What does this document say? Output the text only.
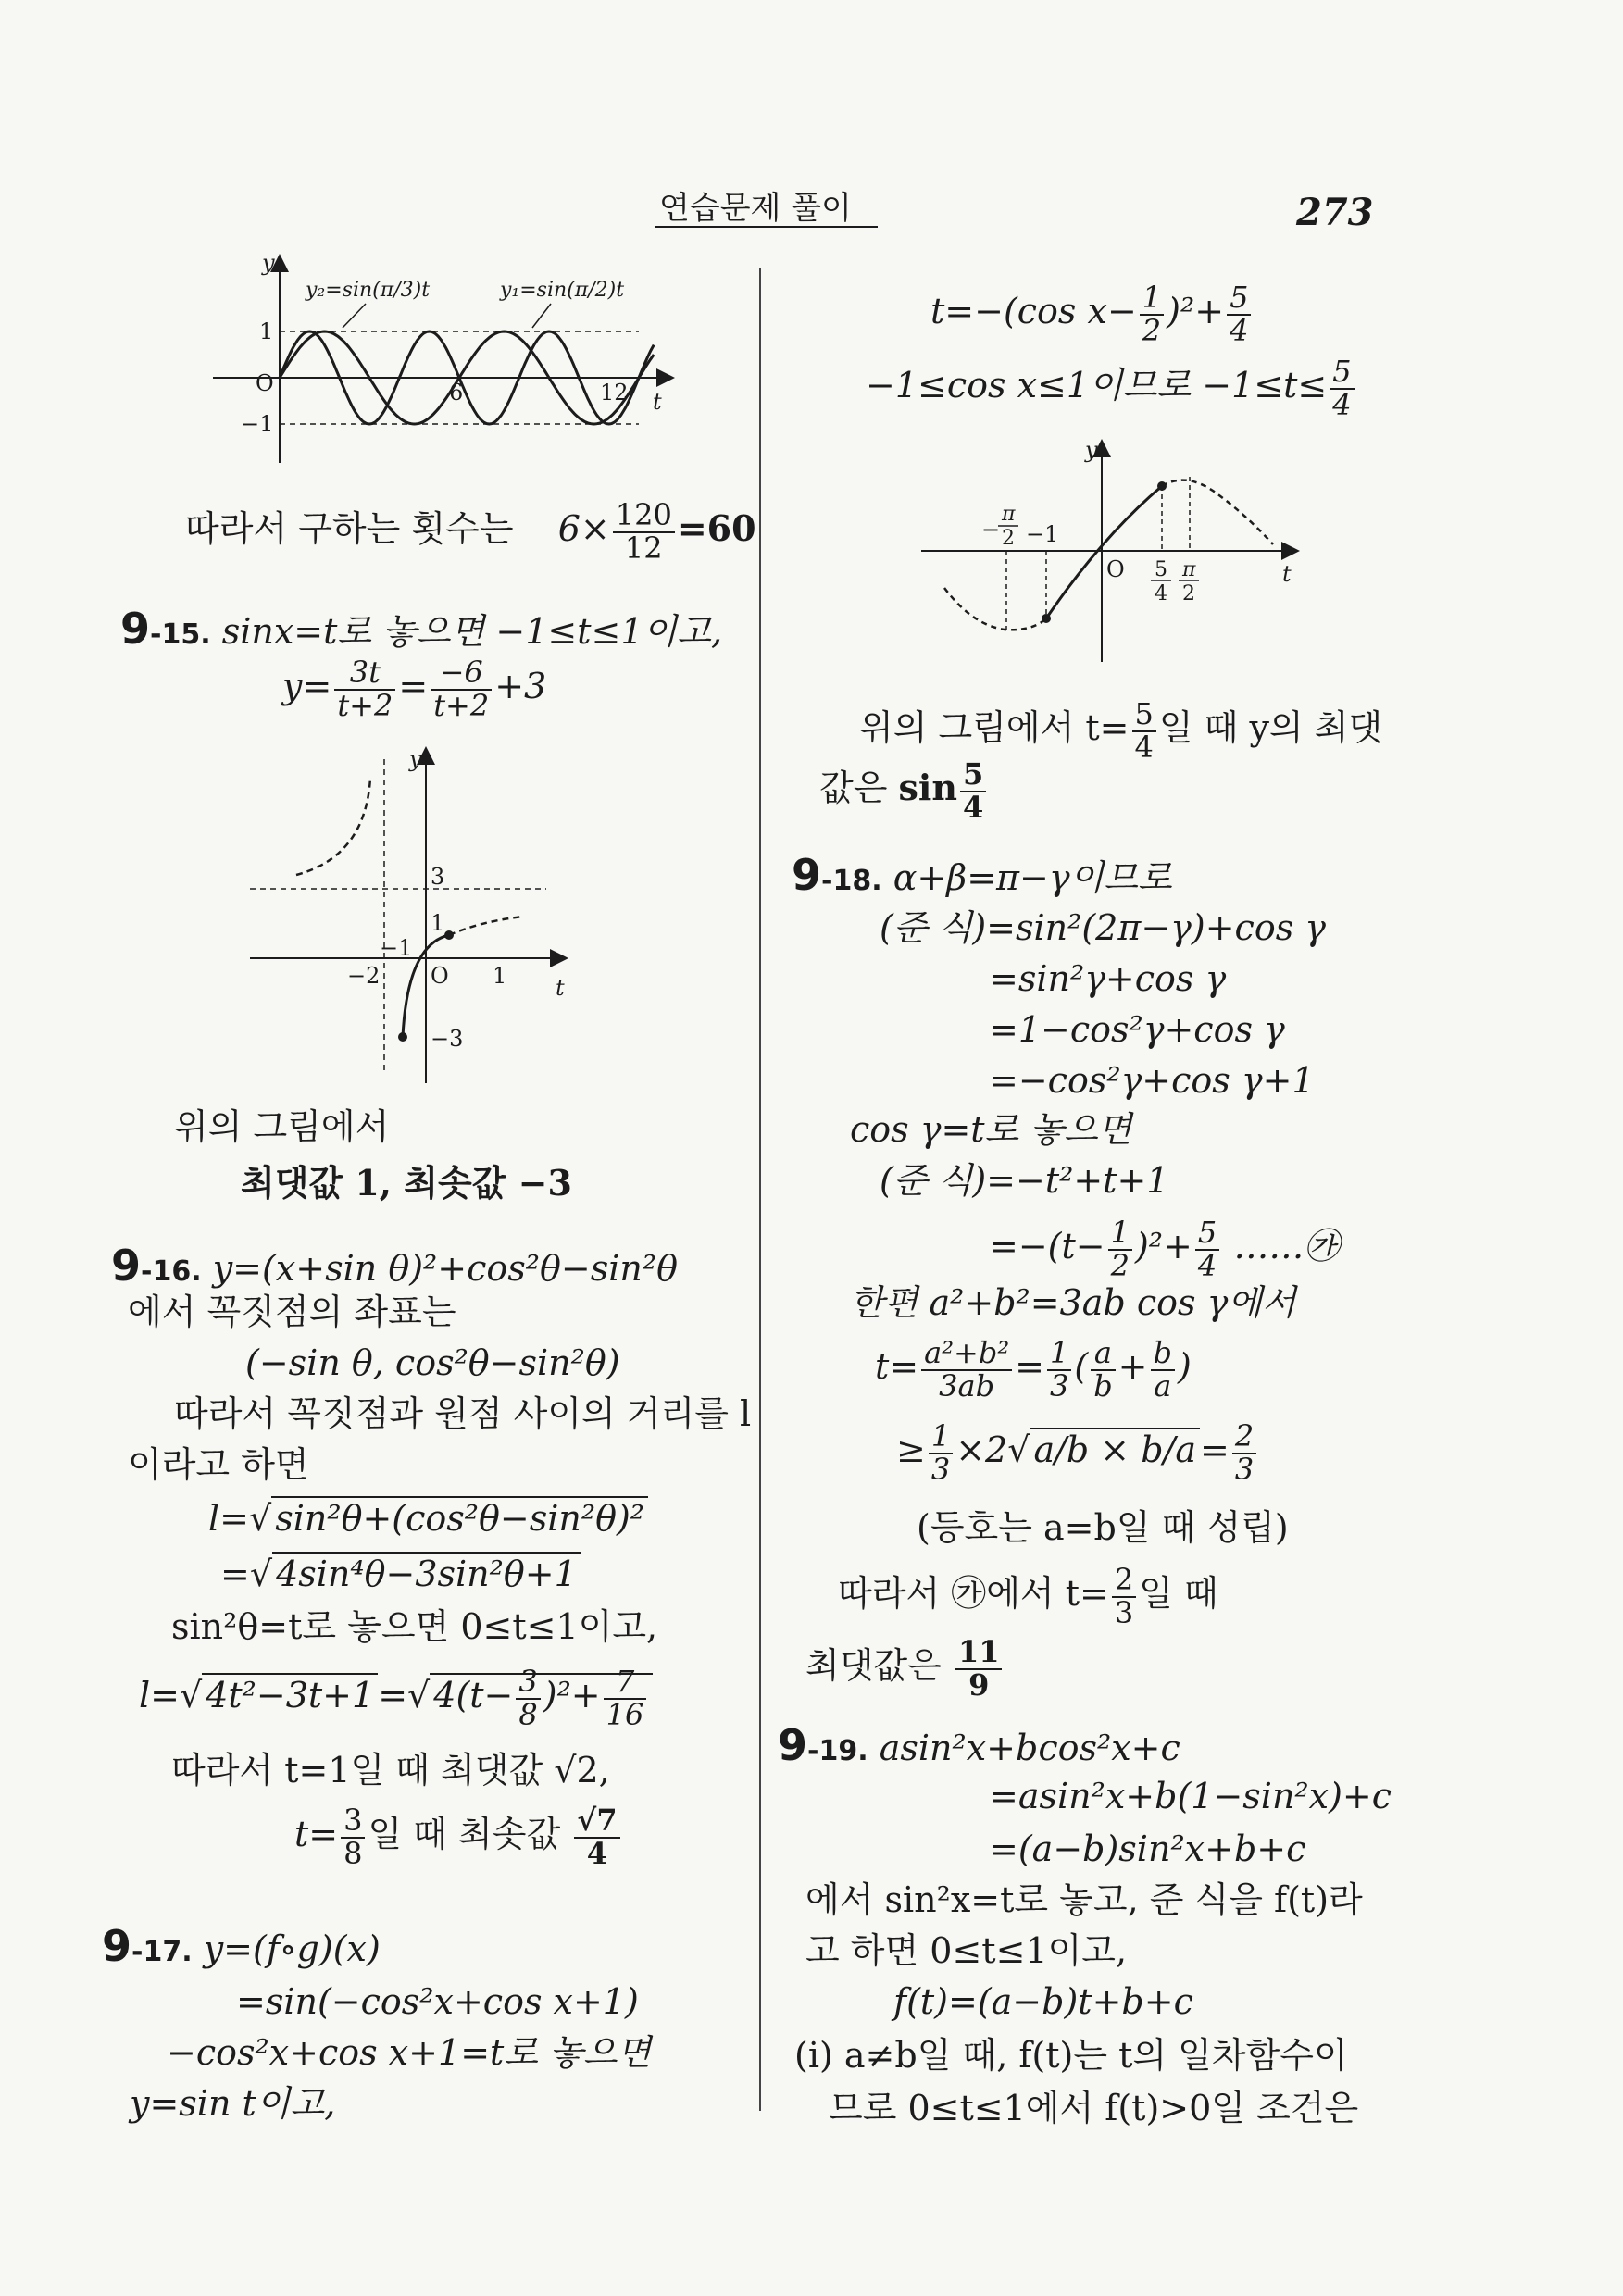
연습문제 풀이	273
y
t
O
1
−1
6	12
y₂=sin(π/3)t	y₁=sin(π/2)t
따라서 구하는 횟수는 $6\times \frac{120}{12} =60$
9-15. sinx=t로 놓으면 −1≤t≤1이고,
$y= \frac{3t}{t+2} = \frac{-6}{t+2} +3$
y
t
O
3
1
−1
−2	1
−3
위의 그림에서
최댓값 1, 최솟값 −3
9-16. y=(x+sin θ)²+cos²θ−sin²θ
에서 꼭짓점의 좌표는
(−sin θ, cos²θ−sin²θ)
따라서 꼭짓점과 원점 사이의 거리를 l
이라고 하면
l=√ sin²θ+(cos²θ−sin²θ)²
=√ 4sin⁴θ−3sin²θ+1
sin²θ=t로 놓으면 0≤t≤1이고,
l=√ 4t²−3t+1 =√ $4(t- \frac{3}{8} )^2+ \frac{7}{16}$
따라서 t=1일 때 최댓값 √2,
$t= \frac{3}{8}$ 일 때 최솟값 $\frac{√7}{4}$
9-17. y=(f∘g)(x)
=sin(−cos²x+cos x+1)
−cos²x+cos x+1=t로 놓으면
y=sin t이고,
t=−(cos $x- \frac{1}{2} )^2+ \frac{5}{4}$
−1≤cos x≤1이므로 $-1\le t\le \frac{5}{4}$
y
t
O
−
π
2 −1
5
4
π
2
위의 그림에서 $t= \frac{5}{4}$ 일 때 y의 최댓
값은 $\sin \frac{5}{4}$
9-18. α+β=π−γ이므로
(준 식)=sin²(2π−γ)+cos γ
=sin²γ+cos γ
=1−cos²γ+cos γ
=−cos²γ+cos γ+1
cos γ=t로 놓으면
(준 식)=−t²+t+1
$=-(t- \frac{1}{2} )^2+ \frac{5}{4}$ ……㉮
한편 a²+b²=3ab cos γ에서
$t= \frac{\text{a²+b²}}{3ab} = \frac{1}{3}$ ( $\frac{a}{b} + \frac{b}{a}$ )
≥ $\frac{1}{3} \times 2√$ $a/b \times b/a = \frac{2}{3}$
(등호는 a=b일 때 성립)
따라서 ㉮에서 $t= \frac{2}{3}$ 일 때
최댓값은 $\frac{11}{9}$
9-19. asin²x+bcos²x+c
=asin²x+b(1−sin²x)+c
=(a−b)sin²x+b+c
에서 sin²x=t로 놓고, 준 식을 f(t)라
고 하면 0≤t≤1이고,
f(t)=(a−b)t+b+c
(i) a≠b일 때, f(t)는 t의 일차함수이
므로 0≤t≤1에서 f(t)>0일 조건은
